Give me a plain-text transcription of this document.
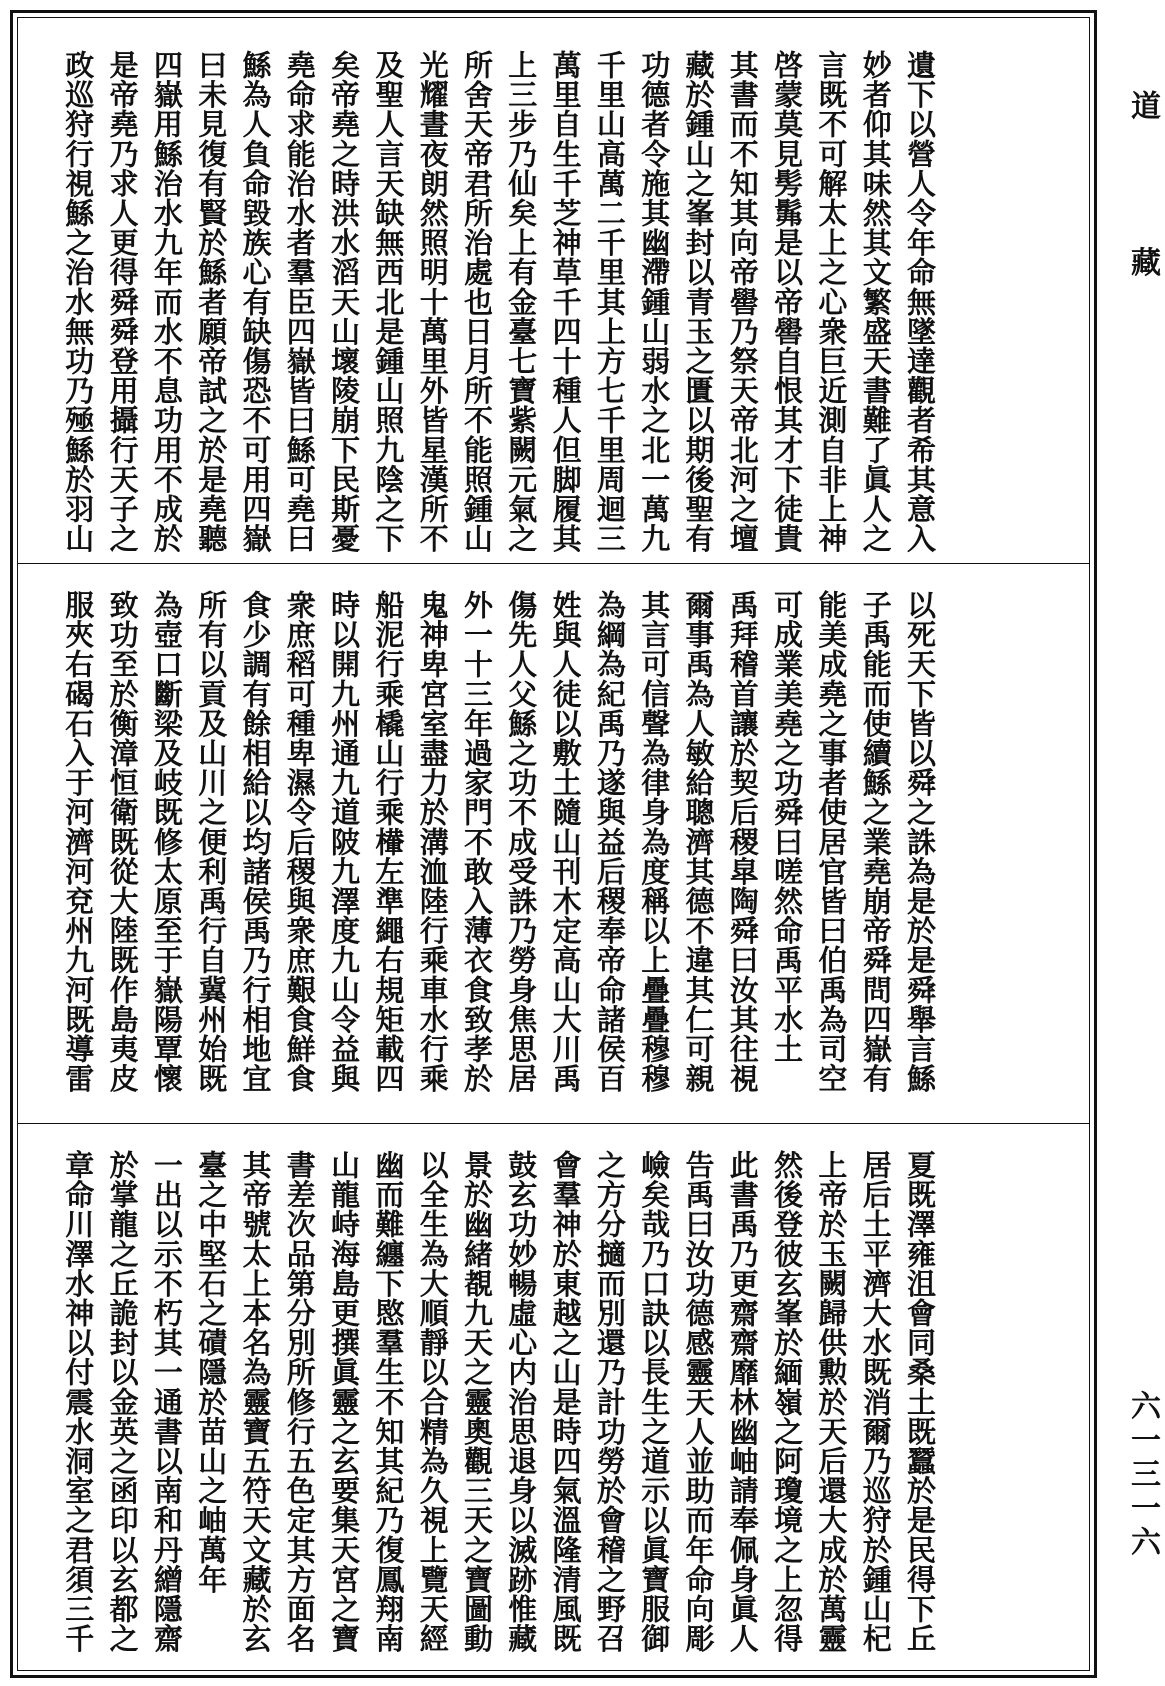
道 藏
六一三一六
遺下以營人令年命無墜達觀者希其意入
妙者仰其味然其文繁盛天書難了眞人之
言既不可解太上之心衆巨近測自非上神
啓蒙莫見髣髴是以帝嚳自恨其才下徒貴
其書而不知其向帝嚳乃祭天帝北河之壇
藏於鍾山之峯封以青玉之匱以期後聖有
功德者令施其幽滯鍾山弱水之北一萬九
千里山高萬二千里其上方七千里周迴三
萬里自生千芝神草千四十種人但脚履其
上三步乃仙矣上有金臺七寶紫闕元氣之
所舍天帝君所治處也日月所不能照鍾山
光耀晝夜朗然照明十萬里外皆星漢所不
及聖人言天缺無西北是鍾山照九陰之下
矣帝堯之時洪水滔天山壞陵崩下民斯憂
堯命求能治水者羣臣四嶽皆曰鯀可堯曰
鯀為人負命毀族心有缺傷恐不可用四嶽
曰未見復有賢於鯀者願帝試之於是堯聽
四嶽用鯀治水九年而水不息功用不成於
是帝堯乃求人更得舜舜登用攝行天子之
政巡狩行視鯀之治水無功乃殛鯀於羽山
以死天下皆以舜之誅為是於是舜舉言鯀
子禹能而使續鯀之業堯崩帝舜問四嶽有
能美成堯之事者使居官皆曰伯禹為司空
可成業美堯之功舜曰嗟然命禹平水土
禹拜稽首讓於契后稷皐陶舜曰汝其往視
爾事禹為人敏給聰濟其德不違其仁可親
其言可信聲為律身為度稱以上疊疊穆穆
為綱為紀禹乃遂與益后稷奉帝命諸侯百
姓與人徒以敷土隨山刊木定高山大川禹
傷先人父鯀之功不成受誅乃勞身焦思居
外一十三年過家門不敢入薄衣食致孝於
鬼神卑宮室盡力於溝洫陸行乘車水行乘
船泥行乘橇山行乘檋左準繩右規矩載四
時以開九州通九道陂九澤度九山令益與
衆庶稻可種卑濕令后稷與衆庶艱食鮮食
食少調有餘相給以均諸侯禹乃行相地宜
所有以貢及山川之便利禹行自冀州始既
為壺口斷梁及岐既修太原至于嶽陽覃懷
致功至於衡漳恒衛既從大陸既作島夷皮
服夾右碣石入于河濟河兗州九河既導雷
夏既澤雍沮會同桑土既蠶於是民得下丘
居后土平濟大水既消爾乃巡狩於鍾山杞
上帝於玉闕歸供勲於天后還大成於萬靈
然後登彼玄峯於緬嶺之阿瓊境之上忽得
此書禹乃更齋齋靡林幽岫請奉佩身眞人
告禹曰汝功德感靈天人並助而年命向彫
嶮矣哉乃口訣以長生之道示以眞寶服御
之方分擿而別還乃計功勞於會稽之野召
會羣神於東越之山是時四氣溫隆清風既
鼓玄功妙暢虛心内治思退身以滅跡惟藏
景於幽緒覩九天之靈奧觀三天之寶圖動
以全生為大順靜以合精為久視上覽天經
幽而難纏下愍羣生不知其紀乃復鳳翔南
山龍峙海島更撰眞靈之玄要集天宮之寶
書差次品第分別所修行五色定其方面名
其帝號太上本名為靈寶五符天文藏於玄
臺之中堅石之磧隱於苗山之岫萬年
一出以示不朽其一通書以南和丹繒隱齋
於掌龍之丘詭封以金英之函印以玄都之
章命川澤水神以付震水洞室之君須三千
